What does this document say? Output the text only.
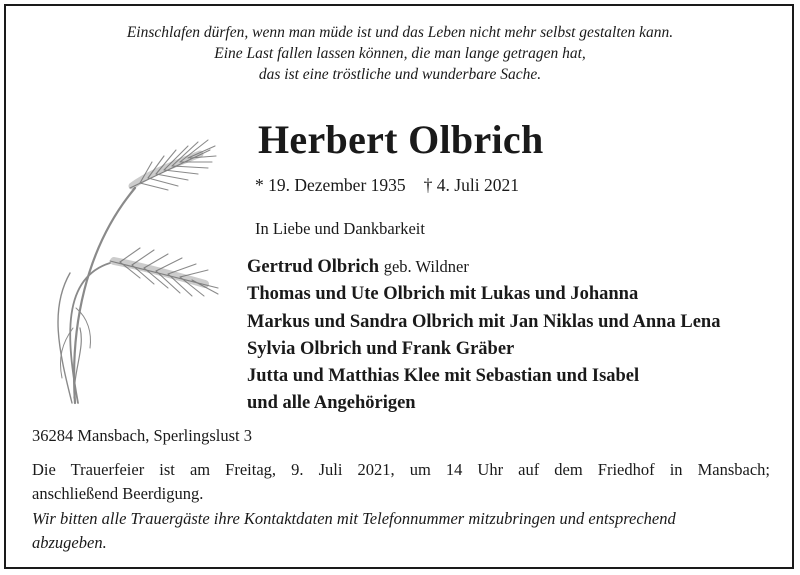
Einschlafen dürfen, wenn man müde ist und das Leben nicht mehr selbst gestalten kann.
Eine Last fallen lassen können, die man lange getragen hat,
das ist eine tröstliche und wunderbare Sache.
Herbert Olbrich
* 19. Dezember 1935 † 4. Juli 2021
In Liebe und Dankbarkeit
Gertrud Olbrich geb. Wildner
Thomas und Ute Olbrich mit Lukas und Johanna
Markus und Sandra Olbrich mit Jan Niklas und Anna Lena
Sylvia Olbrich und Frank Gräber
Jutta und Matthias Klee mit Sebastian und Isabel
und alle Angehörigen
36284 Mansbach, Sperlingslust 3
Die Trauerfeier ist am Freitag, 9. Juli 2021, um 14 Uhr auf dem Friedhof in Mansbach;
anschließend Beerdigung.
Wir bitten alle Trauergäste ihre Kontaktdaten mit Telefonnummer mitzubringen und entsprechend
abzugeben.
